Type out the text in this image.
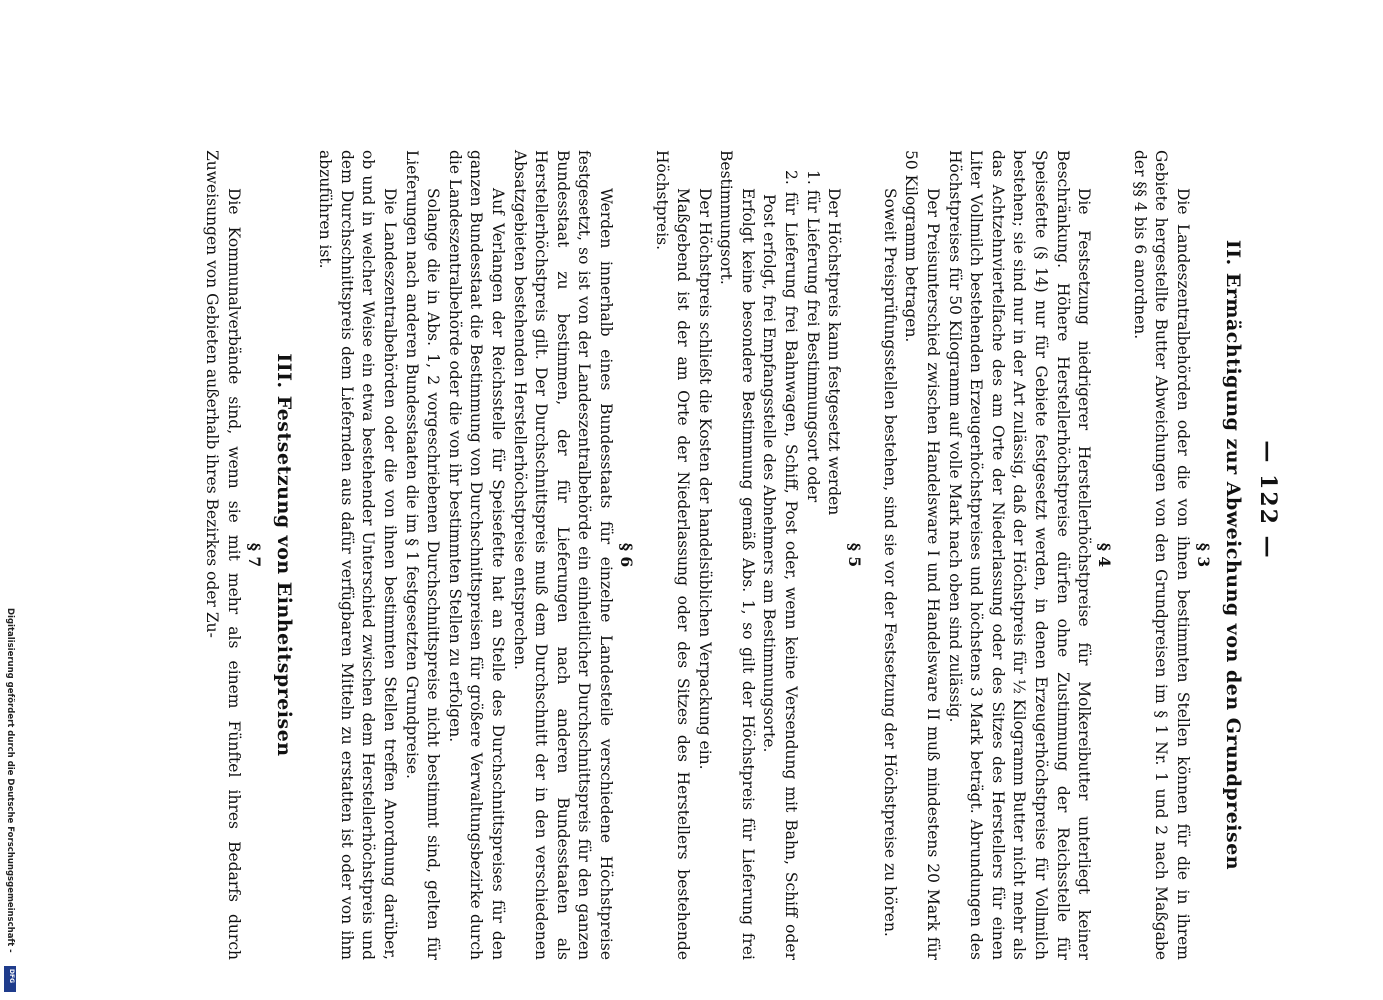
— 122 —
II. Ermächtigung zur Abweichung von den Grundpreisen
§ 3

Die Landeszentralbehörden oder die von ihnen bestimmten Stellen können für die in ihrem Gebiete hergestellte Butter Abweichungen von den Grundpreisen im § 1 Nr. 1 und 2 nach Maßgabe der §§ 4 bis 6 anordnen.

§ 4

Die Festsetzung niedrigerer Herstellerhöchstpreise für Molkereibutter unterliegt keiner Beschränkung. Höhere Herstellerhöchstpreise dürfen ohne Zustimmung der Reichsstelle für Speisefette (§ 14) nur für Gebiete festgesetzt werden, in denen Erzeugerhöchstpreise für Vollmilch bestehen; sie sind nur in der Art zulässig, daß der Höchstpreis für ½ Kilogramm Butter nicht mehr als das Achtzehnviertelfache des am Orte der Niederlassung oder des Sitzes des Herstellers für einen Liter Vollmilch bestehenden Erzeugerhöchstpreises und höchstens 3 Mark beträgt. Abrundungen des Höchstpreises für 50 Kilogramm auf volle Mark nach oben sind zulässig.

Der Preisunterschied zwischen Handelsware I und Handelsware II muß mindestens 20 Mark für 50 Kilogramm betragen.

Soweit Preisprüfungsstellen bestehen, sind sie vor der Festsetzung der Höchstpreise zu hören.

§ 5

Der Höchstpreis kann festgesetzt werden

1. für Lieferung frei Bestimmungsort oder

2. für Lieferung frei Bahnwagen, Schiff, Post oder, wenn keine Versendung mit Bahn, Schiff oder Post erfolgt, frei Empfangsstelle des Abnehmers am Bestimmungsorte.

Erfolgt keine besondere Bestimmung gemäß Abs. 1, so gilt der Höchstpreis für Lieferung frei Bestimmungsort.

Der Höchstpreis schließt die Kosten der handelsüblichen Verpackung ein.

Maßgebend ist der am Orte der Niederlassung oder des Sitzes des Herstellers bestehende Höchstpreis.

§ 6

Werden innerhalb eines Bundesstaats für einzelne Landesteile verschiedene Höchstpreise festgesetzt, so ist von der Landeszentralbehörde ein einheitlicher Durchschnittspreis für den ganzen Bundesstaat zu bestimmen, der für Lieferungen nach anderen Bundesstaaten als Herstellerhöchstpreis gilt. Der Durchschnittspreis muß dem Durchschnitt der in den verschiedenen Absatzgebieten bestehenden Herstellerhöchstpreise entsprechen.

Auf Verlangen der Reichsstelle für Speisefette hat an Stelle des Durchschnittspreises für den ganzen Bundesstaat die Bestimmung von Durchschnittspreisen für größere Verwaltungsbezirke durch die Landeszentralbehörde oder die von ihr bestimmten Stellen zu erfolgen.

Solange die in Abs. 1, 2 vorgeschriebenen Durchschnittspreise nicht bestimmt sind, gelten für Lieferungen nach anderen Bundesstaaten die im § 1 festgesetzten Grundpreise.

Die Landeszentralbehörden oder die von ihnen bestimmten Stellen treffen Anordnung darüber, ob und in welcher Weise ein etwa bestehender Unterschied zwischen dem Herstellerhöchstpreis und dem Durchschnittspreis dem Liefernden aus dafür verfügbaren Mitteln zu erstatten ist oder von ihm abzuführen ist.

III. Festsetzung von Einheitspreisen
§ 7

Die Kommunalverbände sind, wenn sie mit mehr als einem Fünftel ihres Bedarfs durch Zuweisungen von Gebieten außerhalb ihres Bezirkes oder Zu-

Digitalisierung gefördert durch die Deutsche Forschungsgemeinschaft -
DFG
